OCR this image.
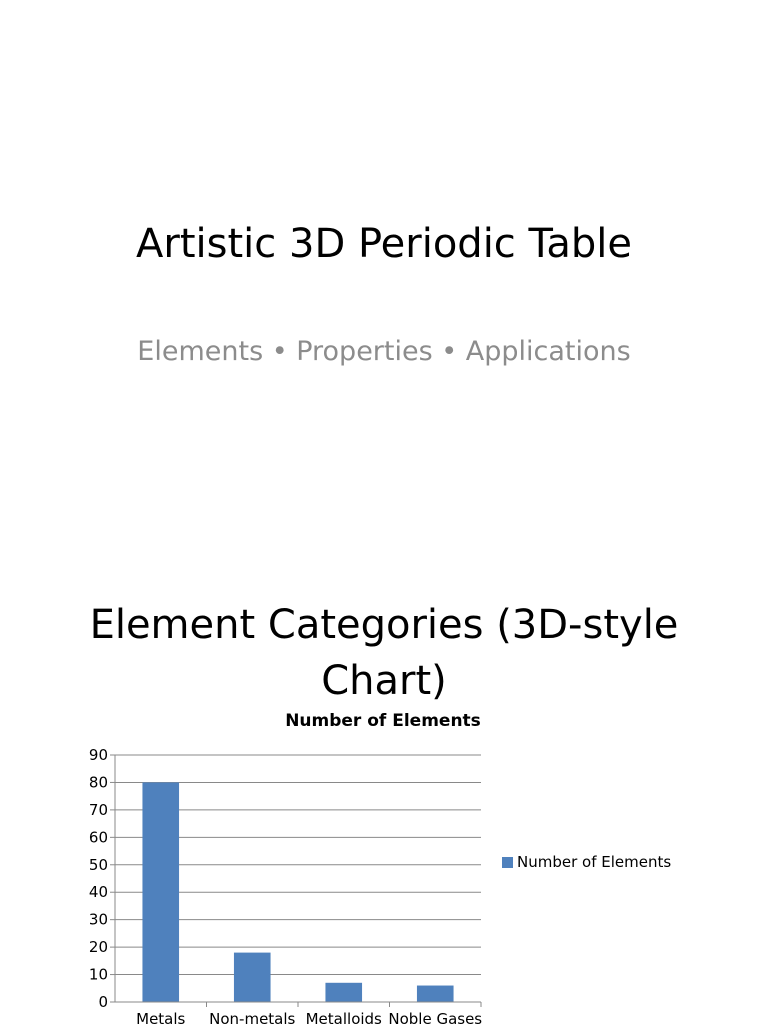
Artistic 3D Periodic Table
Elements • Properties • Applications
Element Categories (3D-style Chart)
Number of Elements
0
10
20
30
40
50
60
70
80
90
Metals Non-metals Metalloids Noble Gases
Number of Elements
